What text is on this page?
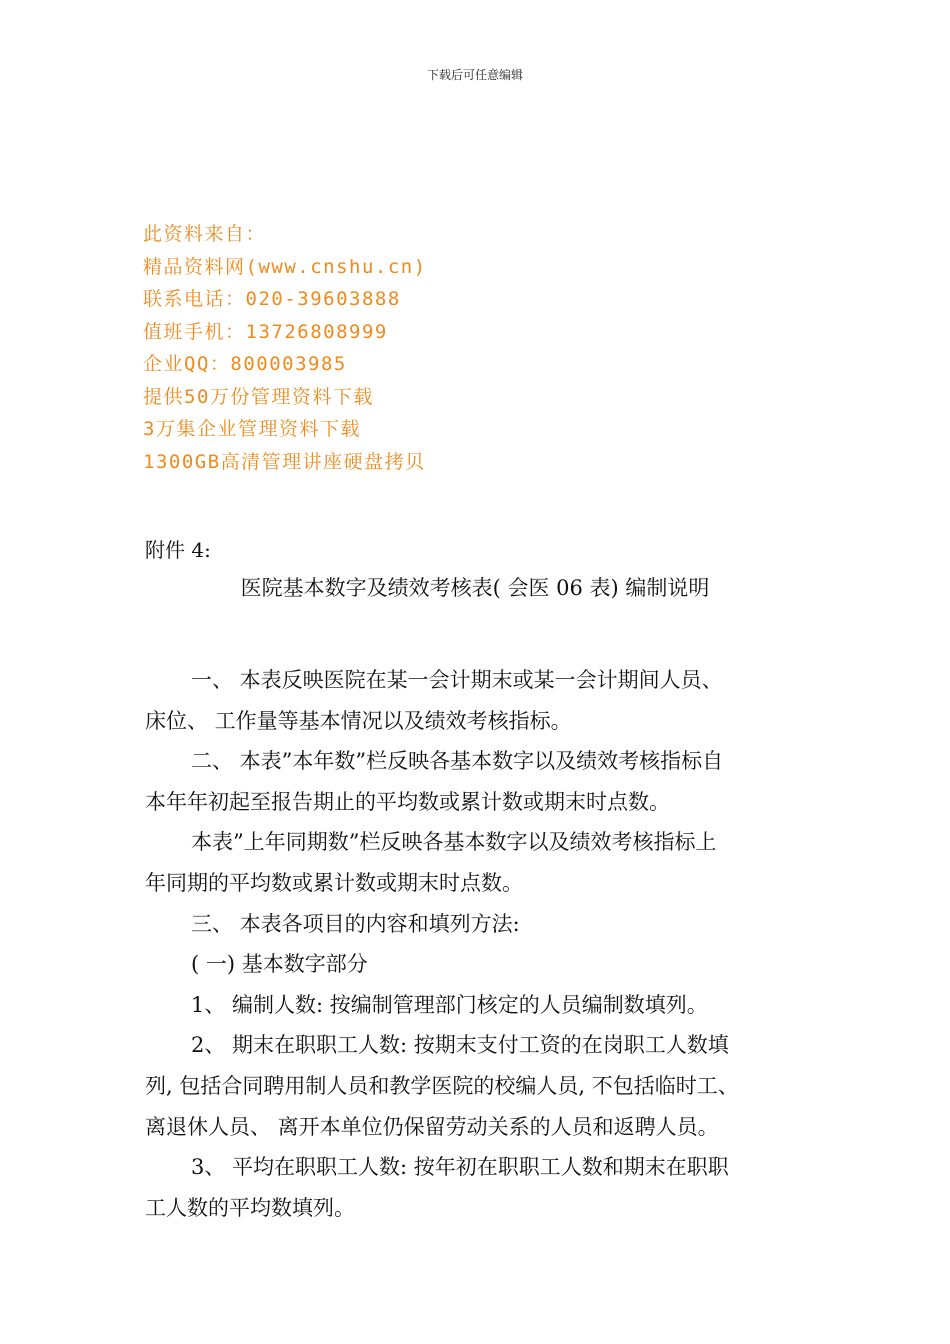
下载后可任意编辑
此资料来自：
精品资料网(www.cnshu.cn)
联系电话：020-39603888
值班手机：13726808999
企业QQ：800003985
提供50万份管理资料下载
3万集企业管理资料下载
1300GB高清管理讲座硬盘拷贝
附件 4:
医院基本数字及绩效考核表( 会医 06 表) 编制说明

一、 本表反映医院在某一会计期末或某一会计期间人员、

床位、 工作量等基本情况以及绩效考核指标。

二、 本表”本年数”栏反映各基本数字以及绩效考核指标自

本年年初起至报告期止的平均数或累计数或期末时点数。

本表”上年同期数”栏反映各基本数字以及绩效考核指标上

年同期的平均数或累计数或期末时点数。

三、 本表各项目的内容和填列方法:

( 一) 基本数字部分

1、 编制人数: 按编制管理部门核定的人员编制数填列。

2、 期末在职职工人数: 按期末支付工资的在岗职工人数填

列, 包括合同聘用制人员和教学医院的校编人员, 不包括临时工、

离退休人员、 离开本单位仍保留劳动关系的人员和返聘人员。

3、 平均在职职工人数: 按年初在职职工人数和期末在职职

工人数的平均数填列。
